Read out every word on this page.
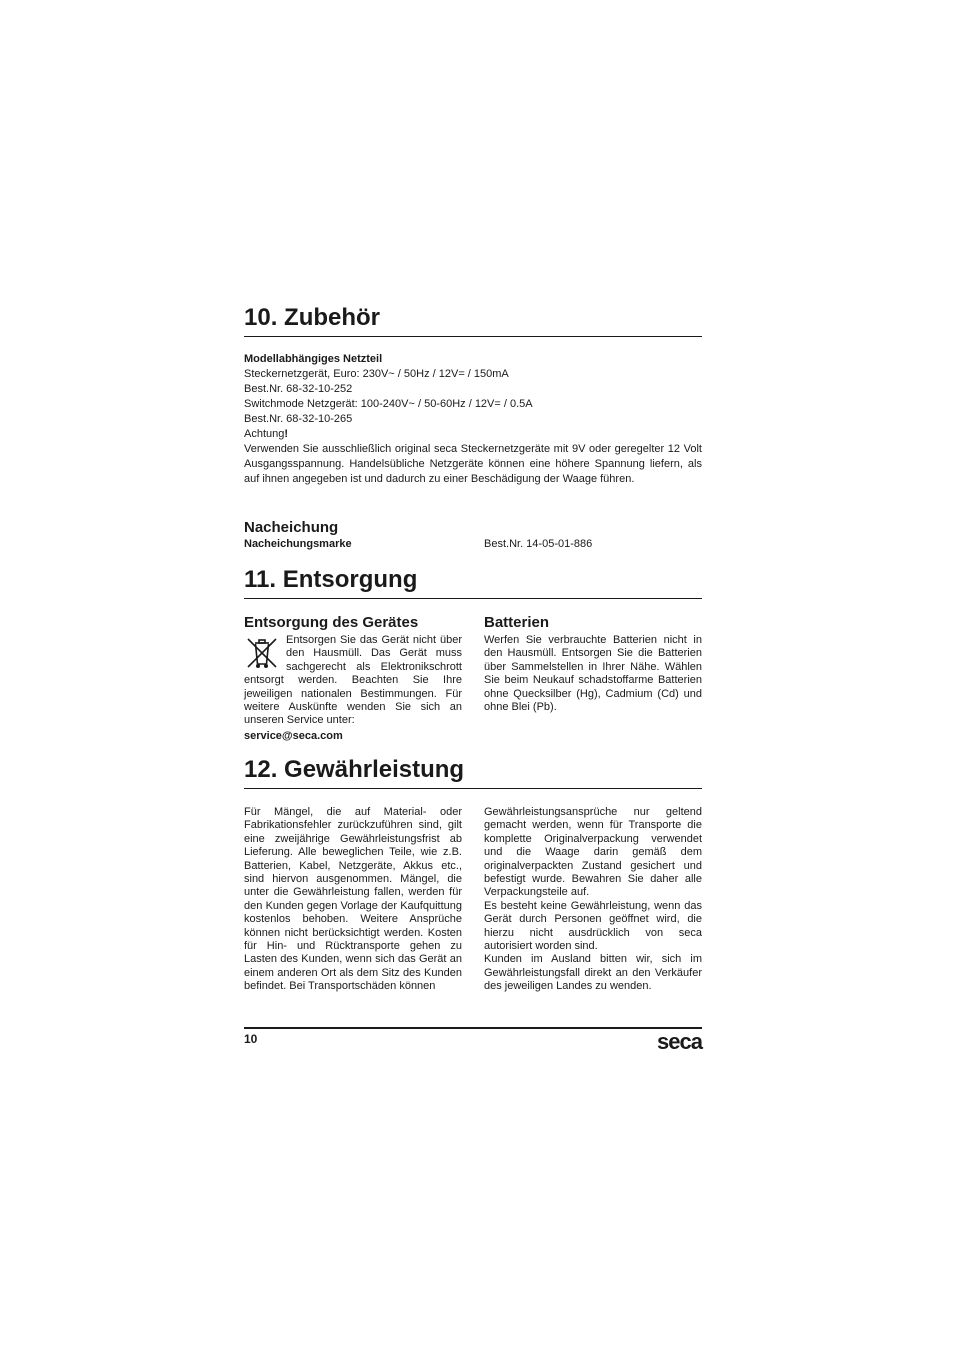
10. Zubehör

Modellabhängiges Netzteil

Steckernetzgerät, Euro: 230V~ / 50Hz / 12V= / 150mA

Best.Nr. 68-32-10-252

Switchmode Netzgerät: 100-240V~ / 50-60Hz / 12V= / 0.5A

Best.Nr. 68-32-10-265

Achtung!

Verwenden Sie ausschließlich original seca Steckernetzgeräte mit 9V oder geregelter 12 Volt Ausgangsspannung. Handelsübliche Netzgeräte können eine höhere Spannung liefern, als auf ihnen angegeben ist und dadurch zu einer Beschädigung der Waage führen.

Nacheichung
Nacheichungsmarke	Best.Nr. 14-05-01-886
11. Entsorgung
Entsorgung des Gerätes

Entsorgen Sie das Gerät nicht über den Hausmüll. Das Gerät muss sachgerecht als Elektronikschrott entsorgt werden. Beachten Sie Ihre jeweiligen nationalen Bestimmungen. Für weitere Auskünfte wenden Sie sich an unseren Service unter:

service@seca.com

Batterien

Werfen Sie verbrauchte Batterien nicht in den Hausmüll. Entsorgen Sie die Batterien über Sammelstellen in Ihrer Nähe. Wählen Sie beim Neukauf schadstoffarme Batterien ohne Quecksilber (Hg), Cadmium (Cd) und ohne Blei (Pb).

12. Gewährleistung

Für Mängel, die auf Material- oder Fabrikationsfehler zurückzuführen sind, gilt eine zweijährige Gewährleistungsfrist ab Lieferung. Alle beweglichen Teile, wie z.B. Batterien, Kabel, Netzgeräte, Akkus etc., sind hiervon ausgenommen. Mängel, die unter die Gewährleistung fallen, werden für den Kunden gegen Vorlage der Kaufquittung kostenlos behoben. Weitere Ansprüche können nicht berücksichtigt werden. Kosten für Hin- und Rücktransporte gehen zu Lasten des Kunden, wenn sich das Gerät an einem anderen Ort als dem Sitz des Kunden befindet. Bei Transportschäden können

Gewährleistungsansprüche nur geltend gemacht werden, wenn für Transporte die komplette Originalverpackung verwendet und die Waage darin gemäß dem originalverpackten Zustand gesichert und befestigt wurde. Bewahren Sie daher alle Verpackungsteile auf.

Es besteht keine Gewährleistung, wenn das Gerät durch Personen geöffnet wird, die hierzu nicht ausdrücklich von seca autorisiert worden sind.

Kunden im Ausland bitten wir, sich im Gewährleistungsfall direkt an den Verkäufer des jeweiligen Landes zu wenden.

10	seca
